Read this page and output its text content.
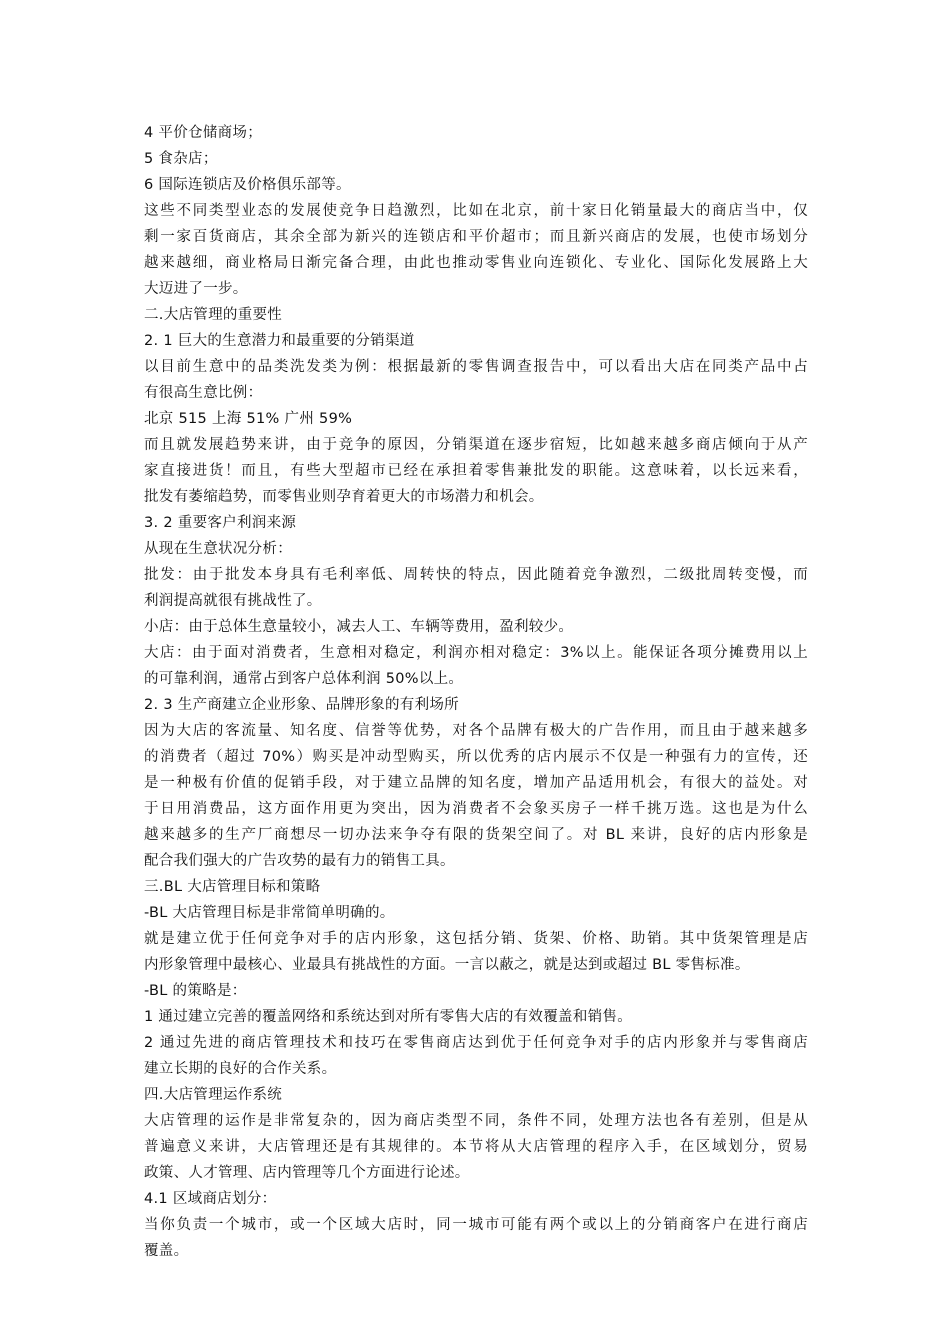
4 平价仓储商场；
5 食杂店；
6 国际连锁店及价格俱乐部等。
这些不同类型业态的发展使竞争日趋激烈，比如在北京，前十家日化销量最大的商店当中，仅
剩一家百货商店，其余全部为新兴的连锁店和平价超市；而且新兴商店的发展，也使市场划分
越来越细，商业格局日渐完备合理，由此也推动零售业向连锁化、专业化、国际化发展路上大
大迈进了一步。
二.大店管理的重要性
2. 1 巨大的生意潜力和最重要的分销渠道
以目前生意中的品类洗发类为例：根据最新的零售调查报告中，可以看出大店在同类产品中占
有很高生意比例：
北京 515 上海 51% 广州 59%
而且就发展趋势来讲，由于竞争的原因，分销渠道在逐步宿短，比如越来越多商店倾向于从产
家直接进货！而且，有些大型超市已经在承担着零售兼批发的职能。这意味着，以长远来看，
批发有萎缩趋势，而零售业则孕育着更大的市场潜力和机会。
3. 2 重要客户利润来源
从现在生意状况分析：
批发：由于批发本身具有毛利率低、周转快的特点，因此随着竞争激烈，二级批周转变慢，而
利润提高就很有挑战性了。
小店：由于总体生意量较小，减去人工、车辆等费用，盈利较少。
大店：由于面对消费者，生意相对稳定，利润亦相对稳定：3%以上。能保证各项分摊费用以上
的可靠利润，通常占到客户总体利润 50%以上。
2. 3 生产商建立企业形象、品牌形象的有利场所
因为大店的客流量、知名度、信誉等优势，对各个品牌有极大的广告作用，而且由于越来越多
的消费者（超过 70%）购买是冲动型购买，所以优秀的店内展示不仅是一种强有力的宣传，还
是一种极有价值的促销手段，对于建立品牌的知名度，增加产品适用机会，有很大的益处。对
于日用消费品，这方面作用更为突出，因为消费者不会象买房子一样千挑万选。这也是为什么
越来越多的生产厂商想尽一切办法来争夺有限的货架空间了。对 BL 来讲，良好的店内形象是
配合我们强大的广告攻势的最有力的销售工具。
三.BL 大店管理目标和策略
-BL 大店管理目标是非常简单明确的。
就是建立优于任何竞争对手的店内形象，这包括分销、货架、价格、助销。其中货架管理是店
内形象管理中最核心、业最具有挑战性的方面。一言以蔽之，就是达到或超过 BL 零售标准。
-BL 的策略是：
1 通过建立完善的覆盖网络和系统达到对所有零售大店的有效覆盖和销售。
2 通过先进的商店管理技术和技巧在零售商店达到优于任何竞争对手的店内形象并与零售商店
建立长期的良好的合作关系。
四.大店管理运作系统
大店管理的运作是非常复杂的，因为商店类型不同，条件不同，处理方法也各有差别，但是从
普遍意义来讲，大店管理还是有其规律的。本节将从大店管理的程序入手，在区域划分，贸易
政策、人才管理、店内管理等几个方面进行论述。
4.1 区域商店划分：
当你负责一个城市，或一个区域大店时，同一城市可能有两个或以上的分销商客户在进行商店
覆盖。
